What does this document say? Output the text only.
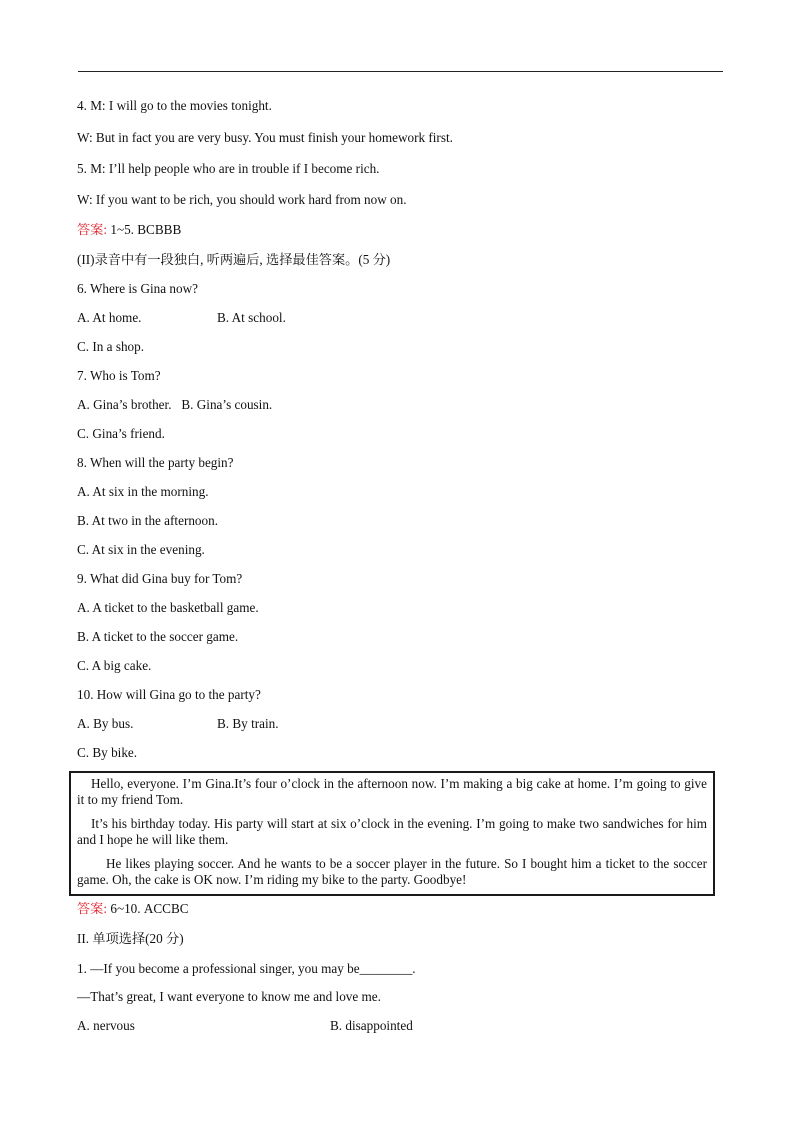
4. M: I will go to the movies tonight.
W: But in fact you are very busy. You must finish your homework first.
5. M: I’ll help people who are in trouble if I become rich.
W: If you want to be rich, you should work hard from now on.
答案: 1~5. BCBBB
(II)录音中有一段独白, 听两遍后, 选择最佳答案。(5 分)
6. Where is Gina now?
A. At home.	B. At school.
C. In a shop.
7. Who is Tom?
A. Gina’s brother.   B. Gina’s cousin.
C. Gina’s friend.
8. When will the party begin?
A. At six in the morning.
B. At two in the afternoon.
C. At six in the evening.
9. What did Gina buy for Tom?
A. A ticket to the basketball game.
B. A ticket to the soccer game.
C. A big cake.
10. How will Gina go to the party?
A. By bus.	B. By train.
C. By bike.

Hello, everyone. I’m Gina.It’s four o’clock in the afternoon now. I’m making a big cake at home. I’m going to give it to my friend Tom.

It’s his birthday today. His party will start at six o’clock in the evening. I’m going to make two sandwiches for him and I hope he will like them.

He likes playing soccer. And he wants to be a soccer player in the future. So I bought him a ticket to the soccer game. Oh, the cake is OK now. I’m riding my bike to the party. Goodbye!

答案: 6~10. ACCBC
II. 单项选择(20 分)
1. —If you become a professional singer, you may be________.
—That’s great, I want everyone to know me and love me.
A. nervous	B. disappointed
